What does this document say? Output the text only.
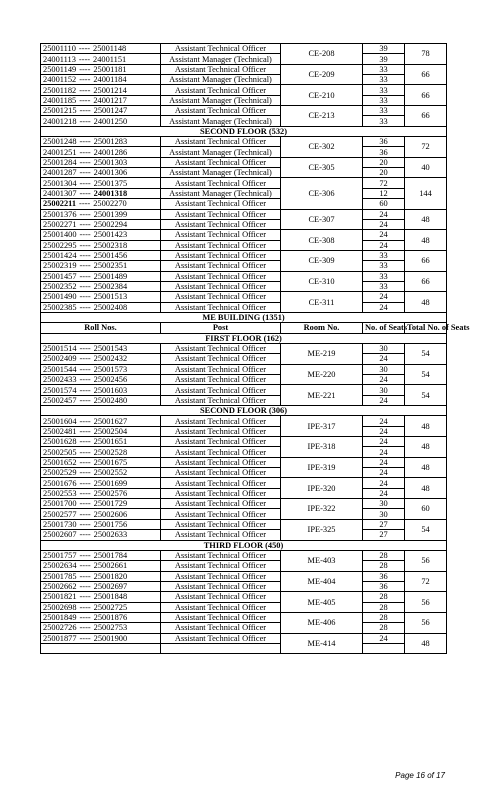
25001110 ---- 25001148	Assistant Technical Officer	CE-208	39	78	
24001113 ---- 24001151	Assistant Manager (Technical)		39		
25001149 ---- 25001181	Assistant Technical Officer	CE-209	33	66	
24001152 ---- 24001184	Assistant Manager (Technical)		33		
25001182 ---- 25001214	Assistant Technical Officer	CE-210	33	66	
24001185 ---- 24001217	Assistant Manager (Technical)		33		
25001215 ---- 25001247	Assistant Technical Officer	CE-213	33	66	
24001218 ---- 24001250	Assistant Manager (Technical)		33		
SECOND FLOOR (532)					
25001248 ---- 25001283	Assistant Technical Officer	CE-302	36	72	
24001251 ---- 24001286	Assistant Manager (Technical)		36		
25001284 ---- 25001303	Assistant Technical Officer	CE-305	20	40	
24001287 ---- 24001306	Assistant Manager (Technical)		20		
25001304 ---- 25001375	Assistant Technical Officer	CE-306	72	144	
24001307 ---- 24001318	Assistant Manager (Technical)		12		
25002211 ---- 25002270	Assistant Technical Officer		60		
25001376 ---- 25001399	Assistant Technical Officer	CE-307	24	48	
25002271 ---- 25002294	Assistant Technical Officer		24		
25001400 ---- 25001423	Assistant Technical Officer	CE-308	24	48	
25002295 ---- 25002318	Assistant Technical Officer		24		
25001424 ---- 25001456	Assistant Technical Officer	CE-309	33	66	
25002319 ---- 25002351	Assistant Technical Officer		33		
25001457 ---- 25001489	Assistant Technical Officer	CE-310	33	66	
25002352 ---- 25002384	Assistant Technical Officer		33		
25001490 ---- 25001513	Assistant Technical Officer	CE-311	24	48	
25002385 ---- 25002408	Assistant Technical Officer		24		
ME BUILDING (1351)					
Roll Nos.	Post	Room No.	No. of Seats	Total No. of Seats	
FIRST FLOOR (162)					
25001514 ---- 25001543	Assistant Technical Officer	ME-219	30	54	
25002409 ---- 25002432	Assistant Technical Officer		24		
25001544 ---- 25001573	Assistant Technical Officer	ME-220	30	54	
25002433 ---- 25002456	Assistant Technical Officer		24		
25001574 ---- 25001603	Assistant Technical Officer	ME-221	30	54	
25002457 ---- 25002480	Assistant Technical Officer		24		
SECOND FLOOR (306)					
25001604 ---- 25001627	Assistant Technical Officer	IPE-317	24	48	
25002481 ---- 25002504	Assistant Technical Officer		24		
25001628 ---- 25001651	Assistant Technical Officer	IPE-318	24	48	
25002505 ---- 25002528	Assistant Technical Officer		24		
25001652 ---- 25001675	Assistant Technical Officer	IPE-319	24	48	
25002529 ---- 25002552	Assistant Technical Officer		24		
25001676 ---- 25001699	Assistant Technical Officer	IPE-320	24	48	
25002553 ---- 25002576	Assistant Technical Officer		24		
25001700 ---- 25001729	Assistant Technical Officer	IPE-322	30	60	
25002577 ---- 25002606	Assistant Technical Officer		30		
25001730 ---- 25001756	Assistant Technical Officer	IPE-325	27	54	
25002607 ---- 25002633	Assistant Technical Officer		27		
THIRD FLOOR (450)					
25001757 ---- 25001784	Assistant Technical Officer	ME-403	28	56	
25002634 ---- 25002661	Assistant Technical Officer		28		
25001785 ---- 25001820	Assistant Technical Officer	ME-404	36	72	
25002662 ---- 25002697	Assistant Technical Officer		36		
25001821 ---- 25001848	Assistant Technical Officer	ME-405	28	56	
25002698 ---- 25002725	Assistant Technical Officer		28		
25001849 ---- 25001876	Assistant Technical Officer	ME-406	28	56	
25002726 ---- 25002753	Assistant Technical Officer		28		
25001877 ---- 25001900	Assistant Technical Officer	ME-414	24	48	

Page 16 of 17
